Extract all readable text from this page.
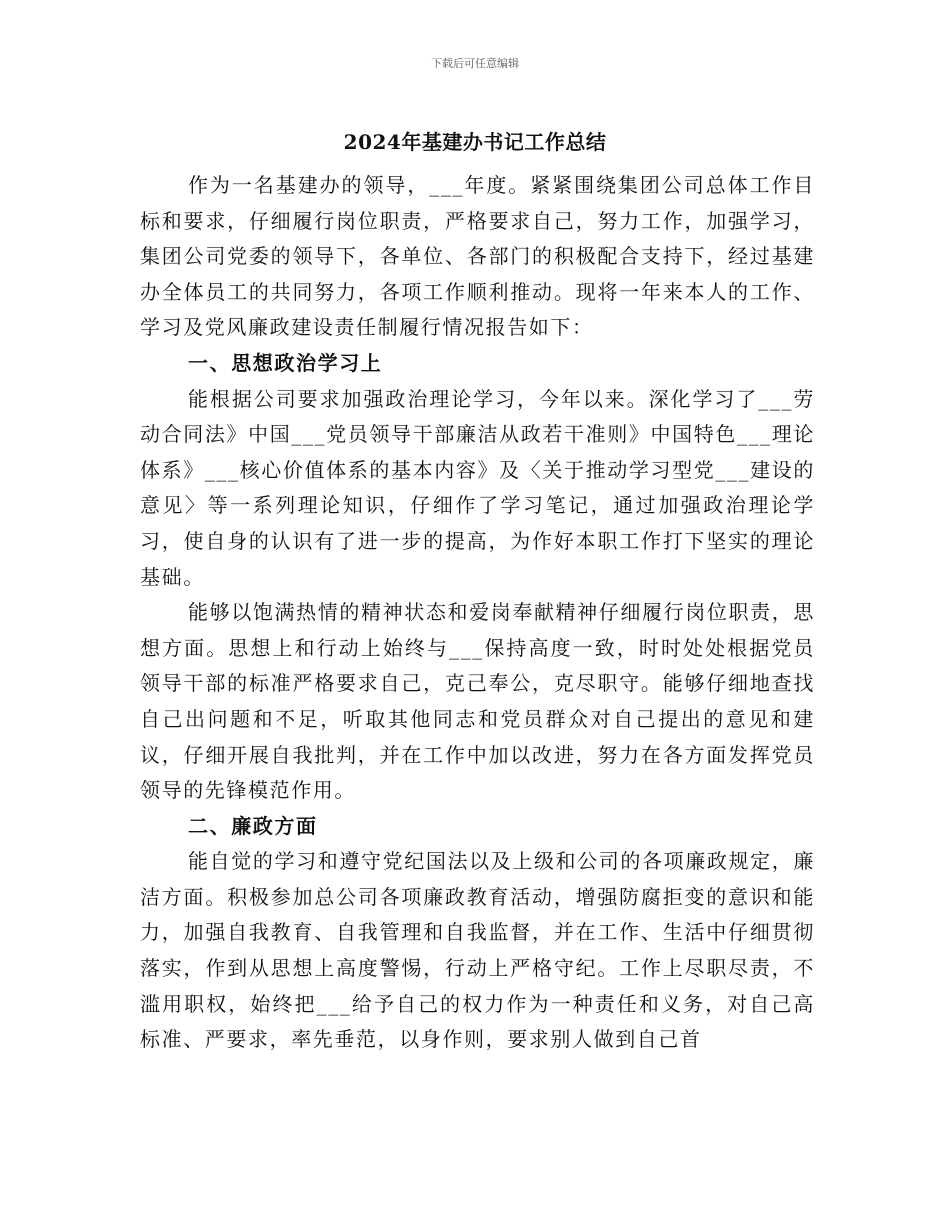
下载后可任意编辑
2024年基建办书记工作总结

作为一名基建办的领导，___年度。紧紧围绕集团公司总体工作目标和要求，仔细履行岗位职责，严格要求自己，努力工作，加强学习，集团公司党委的领导下，各单位、各部门的积极配合支持下，经过基建办全体员工的共同努力，各项工作顺利推动。现将一年来本人的工作、学习及党风廉政建设责任制履行情况报告如下：

一、思想政治学习上

能根据公司要求加强政治理论学习，今年以来。深化学习了___劳动合同法》中国___党员领导干部廉洁从政若干准则》中国特色___理论体系》___核心价值体系的基本内容》及〈关于推动学习型党___建设的意见〉等一系列理论知识，仔细作了学习笔记，通过加强政治理论学习，使自身的认识有了进一步的提高，为作好本职工作打下坚实的理论基础。

能够以饱满热情的精神状态和爱岗奉献精神仔细履行岗位职责，思想方面。思想上和行动上始终与___保持高度一致，时时处处根据党员领导干部的标准严格要求自己，克己奉公，克尽职守。能够仔细地查找自己出问题和不足，听取其他同志和党员群众对自己提出的意见和建议，仔细开展自我批判，并在工作中加以改进，努力在各方面发挥党员领导的先锋模范作用。

二、廉政方面

能自觉的学习和遵守党纪国法以及上级和公司的各项廉政规定，廉洁方面。积极参加总公司各项廉政教育活动，增强防腐拒变的意识和能力，加强自我教育、自我管理和自我监督，并在工作、生活中仔细贯彻落实，作到从思想上高度警惕，行动上严格守纪。工作上尽职尽责，不滥用职权，始终把___给予自己的权力作为一种责任和义务，对自己高标准、严要求，率先垂范，以身作则，要求别人做到自己首
